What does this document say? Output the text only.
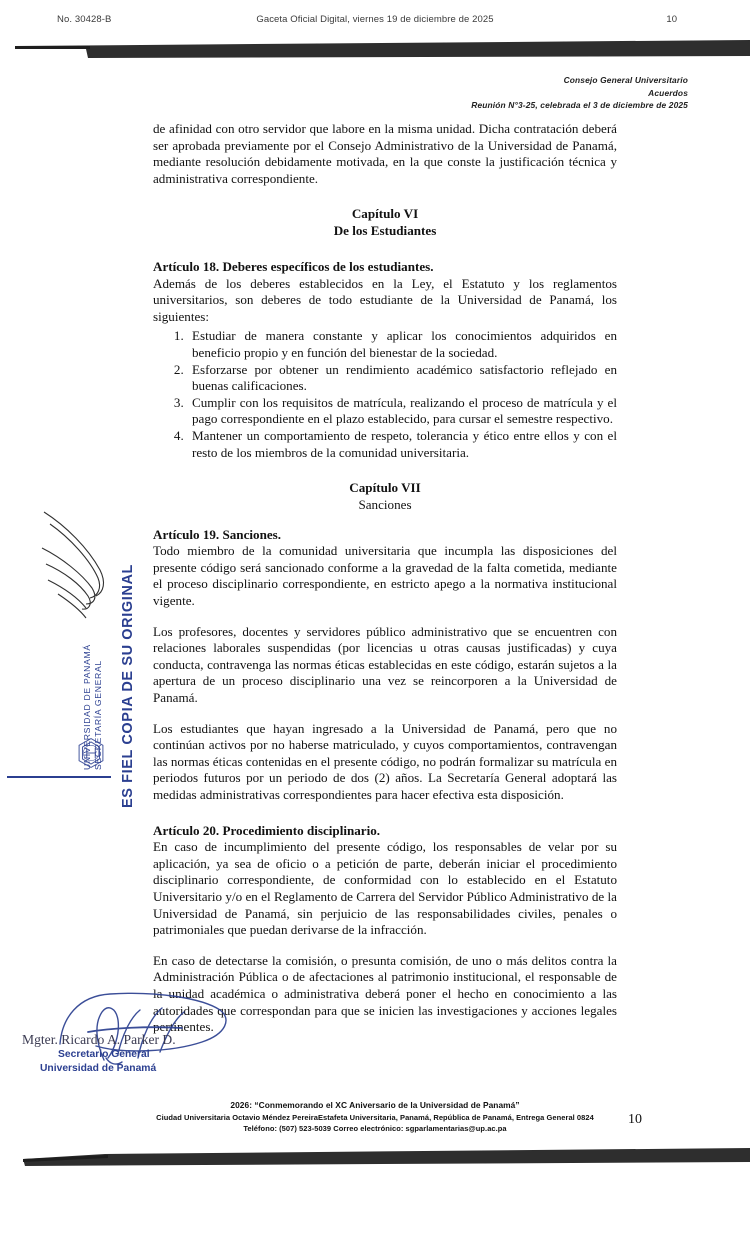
No. 30428-B	Gaceta Oficial Digital, viernes 19 de diciembre de 2025	10
Consejo General Universitario
Acuerdos
Reunión N°3-25, celebrada el 3 de diciembre de 2025

de afinidad con otro servidor que labore en la misma unidad. Dicha contratación deberá ser aprobada previamente por el Consejo Administrativo de la Universidad de Panamá, mediante resolución debidamente motivada, en la que conste la justificación técnica y administrativa correspondiente.

Capítulo VI
De los Estudiantes
Artículo 18. Deberes específicos de los estudiantes.

Además de los deberes establecidos en la Ley, el Estatuto y los reglamentos universitarios, son deberes de todo estudiante de la Universidad de Panamá, los siguientes:

1. Estudiar de manera constante y aplicar los conocimientos adquiridos en beneficio propio y en función del bienestar de la sociedad.
2. Esforzarse por obtener un rendimiento académico satisfactorio reflejado en buenas calificaciones.
3. Cumplir con los requisitos de matrícula, realizando el proceso de matrícula y el pago correspondiente en el plazo establecido, para cursar el semestre respectivo.
4. Mantener un comportamiento de respeto, tolerancia y ético entre ellos y con el resto de los miembros de la comunidad universitaria.
Capítulo VII
Sanciones
Artículo 19. Sanciones.

Todo miembro de la comunidad universitaria que incumpla las disposiciones del presente código será sancionado conforme a la gravedad de la falta cometida, mediante el proceso disciplinario correspondiente, en estricto apego a la normativa institucional vigente.

Los profesores, docentes y servidores público administrativo que se encuentren con relaciones laborales suspendidas (por licencias u otras causas justificadas) y cuya conducta, contravenga las normas éticas establecidas en este código, estarán sujetos a la apertura de un proceso disciplinario una vez se reincorporen a la Universidad de Panamá.

Los estudiantes que hayan ingresado a la Universidad de Panamá, pero que no continúan activos por no haberse matriculado, y cuyos comportamientos, contravengan las normas éticas contenidas en el presente código, no podrán formalizar su matrícula en periodos futuros por un periodo de dos (2) años. La Secretaría General adoptará las medidas administrativas correspondientes para hacer efectiva esta disposición.

Artículo 20. Procedimiento disciplinario.

En caso de incumplimiento del presente código, los responsables de velar por su aplicación, ya sea de oficio o a petición de parte, deberán iniciar el procedimiento disciplinario correspondiente, de conformidad con lo establecido en el Estatuto Universitario y/o en el Reglamento de Carrera del Servidor Público Administrativo de la Universidad de Panamá, sin perjuicio de las responsabilidades civiles, penales o patrimoniales que puedan derivarse de la infracción.

En caso de detectarse la comisión, o presunta comisión, de uno o más delitos contra la Administración Pública o de afectaciones al patrimonio institucional, el responsable de la unidad académica o administrativa deberá poner el hecho en conocimiento a las autoridades que correspondan para que se inicien las investigaciones y acciones legales pertinentes.

ES FIEL COPIA DE SU ORIGINAL
UNIVERSIDAD DE PANAMÁ SECRETARÍA GENERAL
Mgter. Ricardo A. Parker D.
Secretario General
Universidad de Panamá
2026: “Conmemorando el XC Aniversario de la Universidad de Panamá”
Ciudad Universitaria Octavio Méndez PereiraEstafeta Universitaria, Panamá, República de Panamá, Entrega General 0824
Teléfono: (507) 523-5039 Correo electrónico: sgparlamentarias@up.ac.pa
10
